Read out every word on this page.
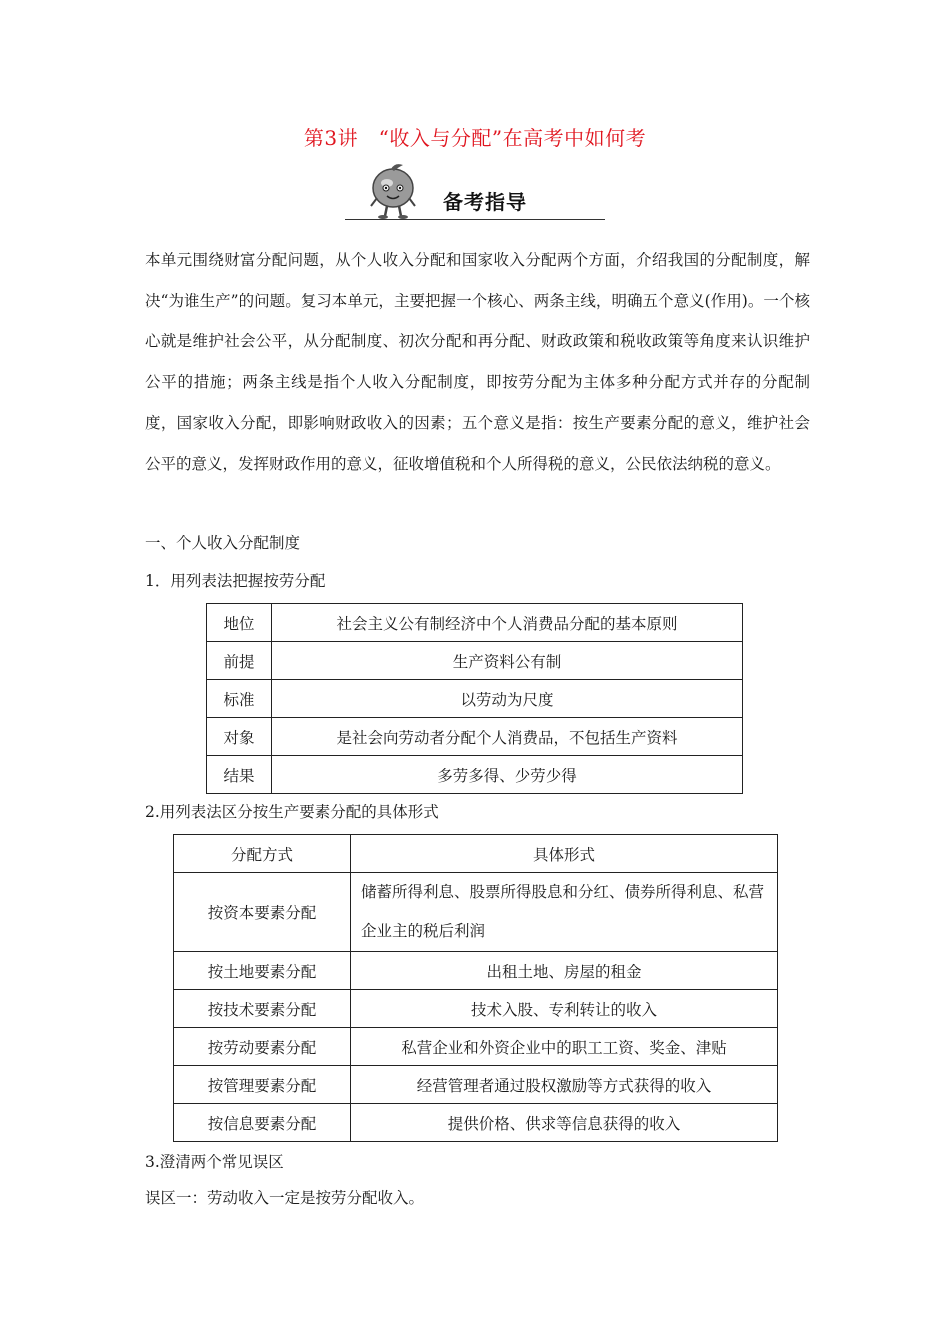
第3讲　“收入与分配”在高考中如何考
备考指导
本单元围绕财富分配问题，从个人收入分配和国家收入分配两个方面，介绍我国的分配制度，解决“为谁生产”的问题。复习本单元，主要把握一个核心、两条主线，明确五个意义(作用)。一个核心就是维护社会公平，从分配制度、初次分配和再分配、财政政策和税收政策等角度来认识维护公平的措施；两条主线是指个人收入分配制度，即按劳分配为主体多种分配方式并存的分配制度，国家收入分配，即影响财政收入的因素；五个意义是指：按生产要素分配的意义，维护社会公平的意义，发挥财政作用的意义，征收增值税和个人所得税的意义，公民依法纳税的意义。
一、个人收入分配制度
1．用列表法把握按劳分配
地位	社会主义公有制经济中个人消费品分配的基本原则
前提	生产资料公有制
标准	以劳动为尺度
对象	是社会向劳动者分配个人消费品，不包括生产资料
结果	多劳多得、少劳少得
2.用列表法区分按生产要素分配的具体形式
分配方式	具体形式
按资本要素分配	储蓄所得利息、股票所得股息和分红、债券所得利息、私营企业主的税后利润
按土地要素分配	出租土地、房屋的租金
按技术要素分配	技术入股、专利转让的收入
按劳动要素分配	私营企业和外资企业中的职工工资、奖金、津贴
按管理要素分配	经营管理者通过股权激励等方式获得的收入
按信息要素分配	提供价格、供求等信息获得的收入
3.澄清两个常见误区
误区一：劳动收入一定是按劳分配收入。
